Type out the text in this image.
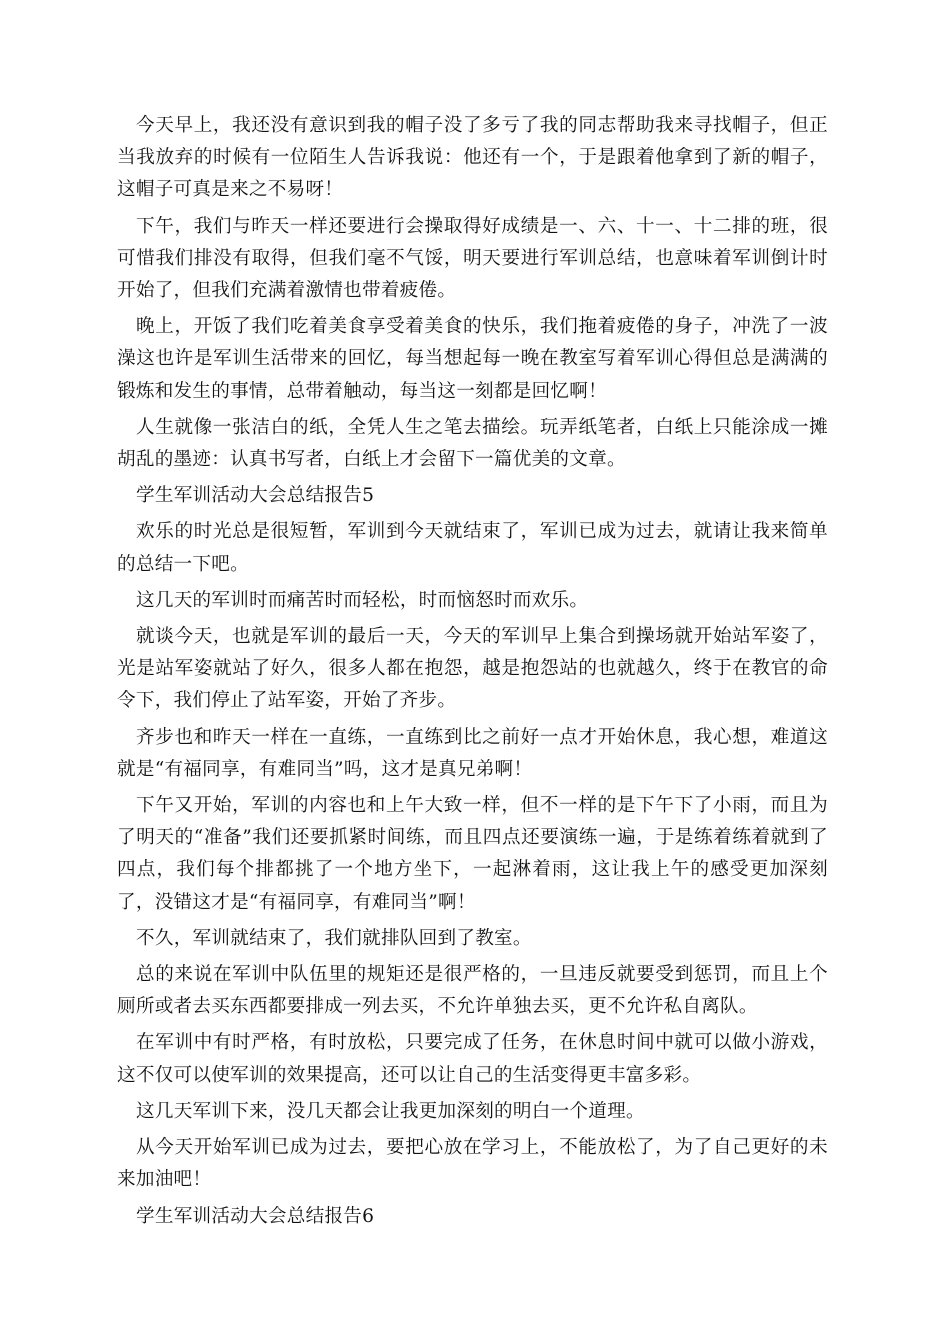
今天早上，我还没有意识到我的帽子没了多亏了我的同志帮助我来寻找帽子，但正当我放弃的时候有一位陌生人告诉我说：他还有一个，于是跟着他拿到了新的帽子，这帽子可真是来之不易呀！

下午，我们与昨天一样还要进行会操取得好成绩是一、六、十一、十二排的班，很可惜我们排没有取得，但我们毫不气馁，明天要进行军训总结，也意味着军训倒计时开始了，但我们充满着激情也带着疲倦。

晚上，开饭了我们吃着美食享受着美食的快乐，我们拖着疲倦的身子，冲洗了一波澡这也许是军训生活带来的回忆，每当想起每一晚在教室写着军训心得但总是满满的锻炼和发生的事情，总带着触动，每当这一刻都是回忆啊！

人生就像一张洁白的纸，全凭人生之笔去描绘。玩弄纸笔者，白纸上只能涂成一摊胡乱的墨迹：认真书写者，白纸上才会留下一篇优美的文章。

学生军训活动大会总结报告5

欢乐的时光总是很短暂，军训到今天就结束了，军训已成为过去，就请让我来简单的总结一下吧。

这几天的军训时而痛苦时而轻松，时而恼怒时而欢乐。

就谈今天，也就是军训的最后一天，今天的军训早上集合到操场就开始站军姿了，光是站军姿就站了好久，很多人都在抱怨，越是抱怨站的也就越久，终于在教官的命令下，我们停止了站军姿，开始了齐步。

齐步也和昨天一样在一直练，一直练到比之前好一点才开始休息，我心想，难道这就是“有福同享，有难同当”吗，这才是真兄弟啊！

下午又开始，军训的内容也和上午大致一样，但不一样的是下午下了小雨，而且为了明天的“准备”我们还要抓紧时间练，而且四点还要演练一遍，于是练着练着就到了四点，我们每个排都挑了一个地方坐下，一起淋着雨，这让我上午的感受更加深刻了，没错这才是“有福同享，有难同当”啊！

不久，军训就结束了，我们就排队回到了教室。

总的来说在军训中队伍里的规矩还是很严格的，一旦违反就要受到惩罚，而且上个厕所或者去买东西都要排成一列去买，不允许单独去买，更不允许私自离队。

在军训中有时严格，有时放松，只要完成了任务，在休息时间中就可以做小游戏，这不仅可以使军训的效果提高，还可以让自己的生活变得更丰富多彩。

这几天军训下来，没几天都会让我更加深刻的明白一个道理。

从今天开始军训已成为过去，要把心放在学习上，不能放松了，为了自己更好的未来加油吧！

学生军训活动大会总结报告6
